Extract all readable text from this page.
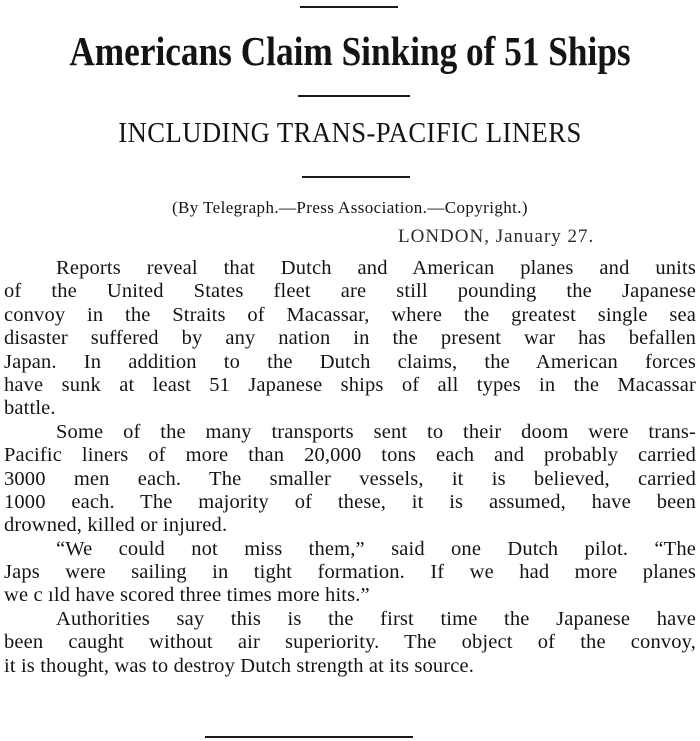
Americans Claim Sinking of 51 Ships
INCLUDING TRANS-PACIFIC LINERS
(By Telegraph.—Press Association.—Copyright.)
LONDON, January 27.
Reports reveal that Dutch and American planes and units
of the United States fleet are still pounding the Japanese
convoy in the Straits of Macassar, where the greatest single sea
disaster suffered by any nation in the present war has befallen
Japan. In addition to the Dutch claims, the American forces
have sunk at least 51 Japanese ships of all types in the Macassar
battle.
Some of the many transports sent to their doom were trans-
Pacific liners of more than 20,000 tons each and probably carried
3000 men each. The smaller vessels, it is believed, carried
1000 each. The majority of these, it is assumed, have been
drowned, killed or injured.
“We could not miss them,” said one Dutch pilot. “The
Japs were sailing in tight formation. If we had more planes
we c ıld have scored three times more hits.”
Authorities say this is the first time the Japanese have
been caught without air superiority. The object of the convoy,
it is thought, was to destroy Dutch strength at its source.
